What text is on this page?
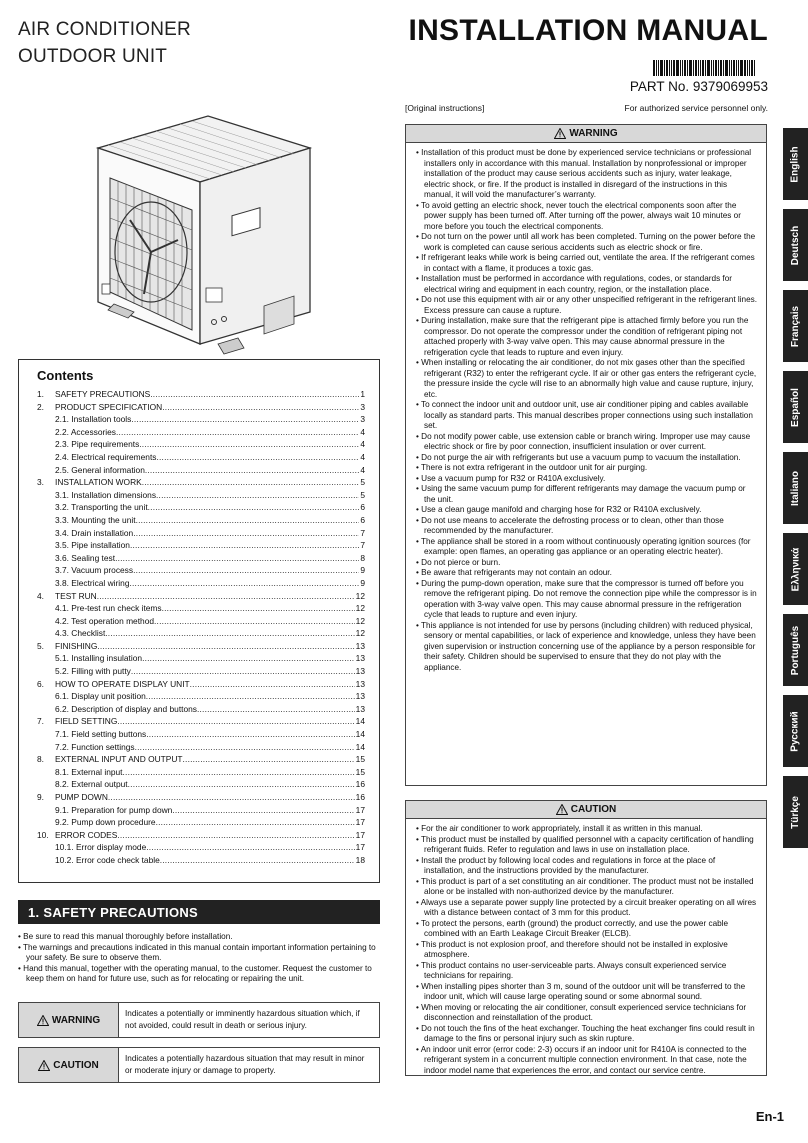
AIR CONDITIONER
OUTDOOR UNIT
INSTALLATION MANUAL
PART No. 9379069953
[Original instructions]	For authorized service personnel only.
Contents
1.	SAFETY PRECAUTIONS .....	1
2.	PRODUCT SPECIFICATION .....	3
2.1. Installation tools .....	3
2.2. Accessories .....	4
2.3. Pipe requirements .....	4
2.4. Electrical requirements .....	4
2.5. General information .....	4
3.	INSTALLATION WORK .....	5
3.1. Installation dimensions .....	5
3.2. Transporting the unit .....	6
3.3. Mounting the unit .....	6
3.4. Drain installation .....	7
3.5. Pipe installation .....	7
3.6. Sealing test .....	8
3.7. Vacuum process .....	9
3.8. Electrical wiring .....	9
4.	TEST RUN .....	12
4.1. Pre-test run check items .....	12
4.2. Test operation method .....	12
4.3. Checklist .....	12
5.	FINISHING .....	13
5.1. Installing insulation .....	13
5.2. Filling with putty .....	13
6.	HOW TO OPERATE DISPLAY UNIT .....	13
6.1. Display unit position .....	13
6.2. Description of display and buttons .....	13
7.	FIELD SETTING .....	14
7.1. Field setting buttons .....	14
7.2. Function settings .....	14
8.	EXTERNAL INPUT AND OUTPUT .....	15
8.1. External input .....	15
8.2. External output .....	16
9.	PUMP DOWN .....	16
9.1. Preparation for pump down .....	17
9.2. Pump down procedure .....	17
10. ERROR CODES .....	17
10.1. Error display mode .....	17
10.2. Error code check table .....	18
1. SAFETY PRECAUTIONS
• Be sure to read this manual thoroughly before installation.
• The warnings and precautions indicated in this manual contain important information pertaining to your safety. Be sure to observe them.
• Hand this manual, together with the operating manual, to the customer. Request the customer to keep them on hand for future use, such as for relocating or repairing the unit.
WARNING
Indicates a potentially or imminently hazardous situation which, if not avoided, could result in death or serious injury.
CAUTION
Indicates a potentially hazardous situation that may result in minor or moderate injury or damage to property.
WARNING
• Installation of this product must be done by experienced service technicians or professional installers only in accordance with this manual. Installation by nonprofessional or improper installation of the product may cause serious accidents such as injury, water leakage, electric shock, or fire. If the product is installed in disregard of the instructions in this manual, it will void the manufacturer’s warranty.
• To avoid getting an electric shock, never touch the electrical components soon after the power supply has been turned off. After turning off the power, always wait 10 minutes or more before you touch the electrical components.
• Do not turn on the power until all work has been completed. Turning on the power before the work is completed can cause serious accidents such as electric shock or fire.
• If refrigerant leaks while work is being carried out, ventilate the area. If the refrigerant comes in contact with a flame, it produces a toxic gas.
• Installation must be performed in accordance with regulations, codes, or standards for electrical wiring and equipment in each country, region, or the installation place.
• Do not use this equipment with air or any other unspecified refrigerant in the refrigerant lines. Excess pressure can cause a rupture.
• During installation, make sure that the refrigerant pipe is attached firmly before you run the compressor. Do not operate the compressor under the condition of refrigerant piping not attached properly with 3-way valve open. This may cause abnormal pressure in the refrigeration cycle that leads to rupture and even injury.
• When installing or relocating the air conditioner, do not mix gases other than the specified refrigerant (R32) to enter the refrigerant cycle. If air or other gas enters the refrigerant cycle, the pressure inside the cycle will rise to an abnormally high value and cause rupture, injury, etc.
• To connect the indoor unit and outdoor unit, use air conditioner piping and cables available locally as standard parts. This manual describes proper connections using such installation set.
• Do not modify power cable, use extension cable or branch wiring. Improper use may cause electric shock or fire by poor connection, insufficient insulation or over current.
• Do not purge the air with refrigerants but use a vacuum pump to vacuum the installation.
• There is not extra refrigerant in the outdoor unit for air purging.
• Use a vacuum pump for R32 or R410A exclusively.
• Using the same vacuum pump for different refrigerants may damage the vacuum pump or the unit.
• Use a clean gauge manifold and charging hose for R32 or R410A exclusively.
• Do not use means to accelerate the defrosting process or to clean, other than those recommended by the manufacturer.
• The appliance shall be stored in a room without continuously operating ignition sources (for example: open flames, an operating gas appliance or an operating electric heater).
• Do not pierce or burn.
• Be aware that refrigerants may not contain an odour.
• During the pump-down operation, make sure that the compressor is turned off before you remove the refrigerant piping. Do not remove the connection pipe while the compressor is in operation with 3-way valve open. This may cause abnormal pressure in the refrigeration cycle that leads to rupture and even injury.
• This appliance is not intended for use by persons (including children) with reduced physical, sensory or mental capabilities, or lack of experience and knowledge, unless they have been given supervision or instruction concerning use of the appliance by a person responsible for their safety. Children should be supervised to ensure that they do not play with the appliance.
CAUTION
• For the air conditioner to work appropriately, install it as written in this manual.
• This product must be installed by qualified personnel with a capacity certification of handling refrigerant fluids. Refer to regulation and laws in use on installation place.
• Install the product by following local codes and regulations in force at the place of installation, and the instructions provided by the manufacturer.
• This product is part of a set constituting an air conditioner. The product must not be installed alone or be installed with non-authorized device by the manufacturer.
• Always use a separate power supply line protected by a circuit breaker operating on all wires with a distance between contact of 3 mm for this product.
• To protect the persons, earth (ground) the product correctly, and use the power cable combined with an Earth Leakage Circuit Breaker (ELCB).
• This product is not explosion proof, and therefore should not be installed in explosive atmosphere.
• This product contains no user-serviceable parts. Always consult experienced service technicians for repairing.
• When installing pipes shorter than 3 m, sound of the outdoor unit will be transferred to the indoor unit, which will cause large operating sound or some abnormal sound.
• When moving or relocating the air conditioner, consult experienced service technicians for disconnection and reinstallation of the product.
• Do not touch the fins of the heat exchanger. Touching the heat exchanger fins could result in damage to the fins or personal injury such as skin rupture.
• An indoor unit error (error code: 2-3) occurs if an indoor unit for R410A is connected to the refrigerant system in a concurrent multiple connection environment. In that case, note the indoor model name that experiences the error, and contact our service centre.
English
Deutsch
Français
Español
Italiano
Ελληνικά
Português
Русский
Türkçe
En-1
